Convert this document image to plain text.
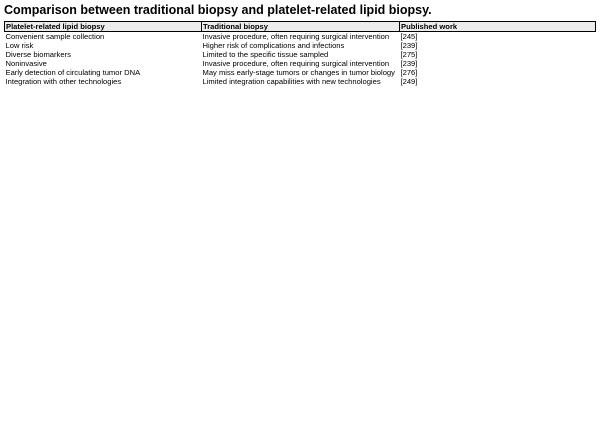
Comparison between traditional biopsy and platelet-related lipid biopsy.
Platelet-related lipid biopsy	Traditional biopsy	Published work
Convenient sample collection	Invasive procedure, often requiring surgical intervention	[245]
Low risk	Higher risk of complications and infections	[239]
Diverse biomarkers	Limited to the specific tissue sampled	[275]
Noninvasive	Invasive procedure, often requiring surgical intervention	[239]
Early detection of circulating tumor DNA	May miss early-stage tumors or changes in tumor biology	[276]
Integration with other technologies	Limited integration capabilities with new technologies	[249]
